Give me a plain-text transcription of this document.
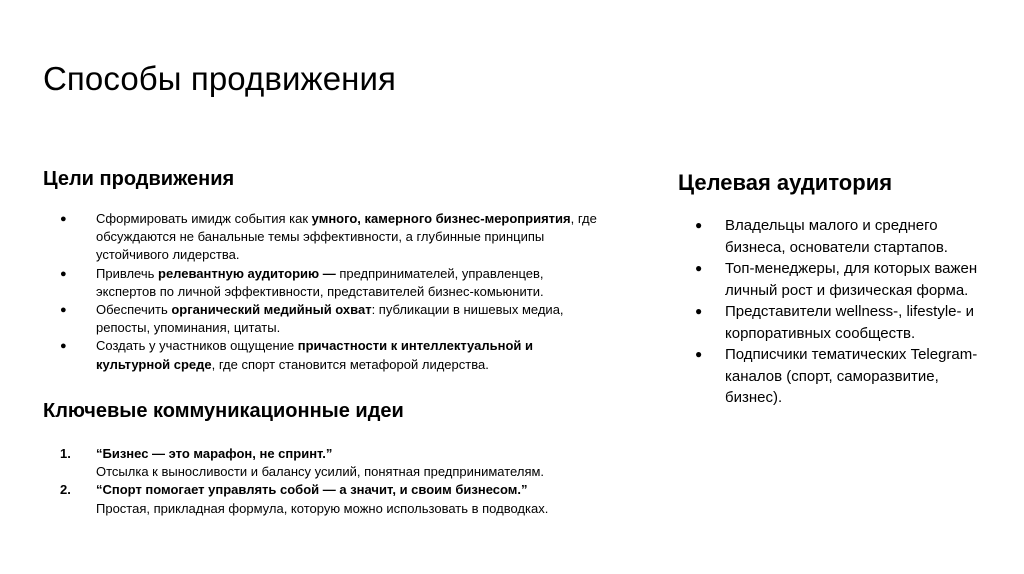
Способы продвижения
Цели продвижения
● Сформировать имидж события как умного, камерного бизнес-мероприятия, где обсуждаются не банальные темы эффективности, а глубинные принципы устойчивого лидерства.
● Привлечь релевантную аудиторию — предпринимателей, управленцев, экспертов по личной эффективности, представителей бизнес-комьюнити.
● Обеспечить органический медийный охват: публикации в нишевых медиа, репосты, упоминания, цитаты.
● Создать у участников ощущение причастности к интеллектуальной и культурной среде, где спорт становится метафорой лидерства.
Ключевые коммуникационные идеи
1. “Бизнес — это марафон, не спринт.”
Отсылка к выносливости и балансу усилий, понятная предпринимателям.
2. “Спорт помогает управлять собой — а значит, и своим бизнесом.”
Простая, прикладная формула, которую можно использовать в подводках.
Целевая аудитория
● Владельцы малого и среднего бизнеса, основатели стартапов.
● Топ-менеджеры, для которых важен личный рост и физическая форма.
● Представители wellness-, lifestyle- и корпоративных сообществ.
● Подписчики тематических Telegram-каналов (спорт, саморазвитие, бизнес).
